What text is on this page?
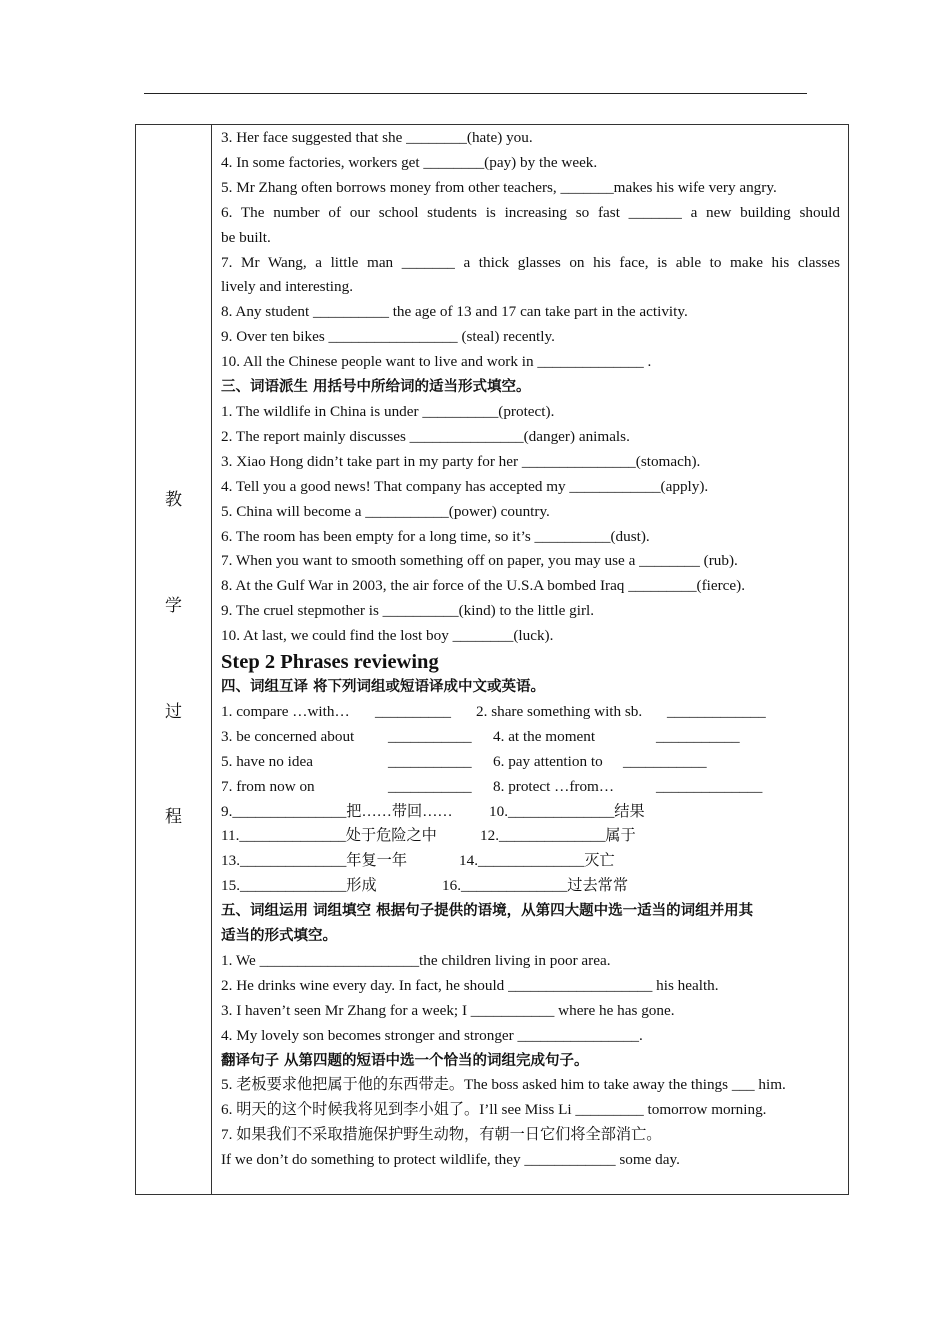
教
学
过
程
3. Her face suggested that she ________(hate) you.
4. In some factories, workers get ________(pay) by the week.
5. Mr Zhang often borrows money from other teachers, _______makes his wife very angry.
6. The number of our school students is increasing so fast _______ a new building should
be built.
7. Mr Wang, a little man _______ a thick glasses on his face, is able to make his classes
lively and interesting.
8. Any student __________ the age of 13 and 17 can take part in the activity.
9. Over ten bikes _________________ (steal) recently.
10. All the Chinese people want to live and work in ______________ .
三、词语派生 用括号中所给词的适当形式填空。
1. The wildlife in China is under __________(protect).
2. The report mainly discusses _______________(danger) animals.
3. Xiao Hong didn’t take part in my party for her _______________(stomach).
4. Tell you a good news! That company has accepted my ____________(apply).
5. China will become a ___________(power) country.
6. The room has been empty for a long time, so it’s __________(dust).
7. When you want to smooth something off on paper, you may use a ________ (rub).
8. At the Gulf War in 2003, the air force of the U.S.A bombed Iraq _________(fierce).
9. The cruel stepmother is __________(kind) to the little girl.
10. At last, we could find the lost boy ________(luck).
Step 2 Phrases reviewing
四、词组互译 将下列词组或短语译成中文或英语。
1. compare …with… __________ 2. share something with sb. _____________
3. be concerned about ___________ 4. at the moment	___________
5. have no idea	___________ 6. pay attention to ___________
7. from now on	___________ 8. protect …from…	______________
9._______________把……带回…… 10.______________结果
11.______________处于危险之中	12.______________属于
13.______________年复一年	14.______________灭亡
15.______________形成	16.______________过去常常
五、词组运用 词组填空 根据句子提供的语境，从第四大题中选一适当的词组并用其
适当的形式填空。
1. We _____________________the children living in poor area.
2. He drinks wine every day. In fact, he should ___________________ his health.
3. I haven’t seen Mr Zhang for a week; I ___________ where he has gone.
4. My lovely son becomes stronger and stronger ________________.
翻译句子 从第四题的短语中选一个恰当的词组完成句子。
5. 老板要求他把属于他的东西带走。The boss asked him to take away the things ___ him.
6. 明天的这个时候我将见到李小姐了。I’ll see Miss Li _________ tomorrow morning.
7. 如果我们不采取措施保护野生动物，有朝一日它们将全部消亡。
If we don’t do something to protect wildlife, they ____________ some day.
